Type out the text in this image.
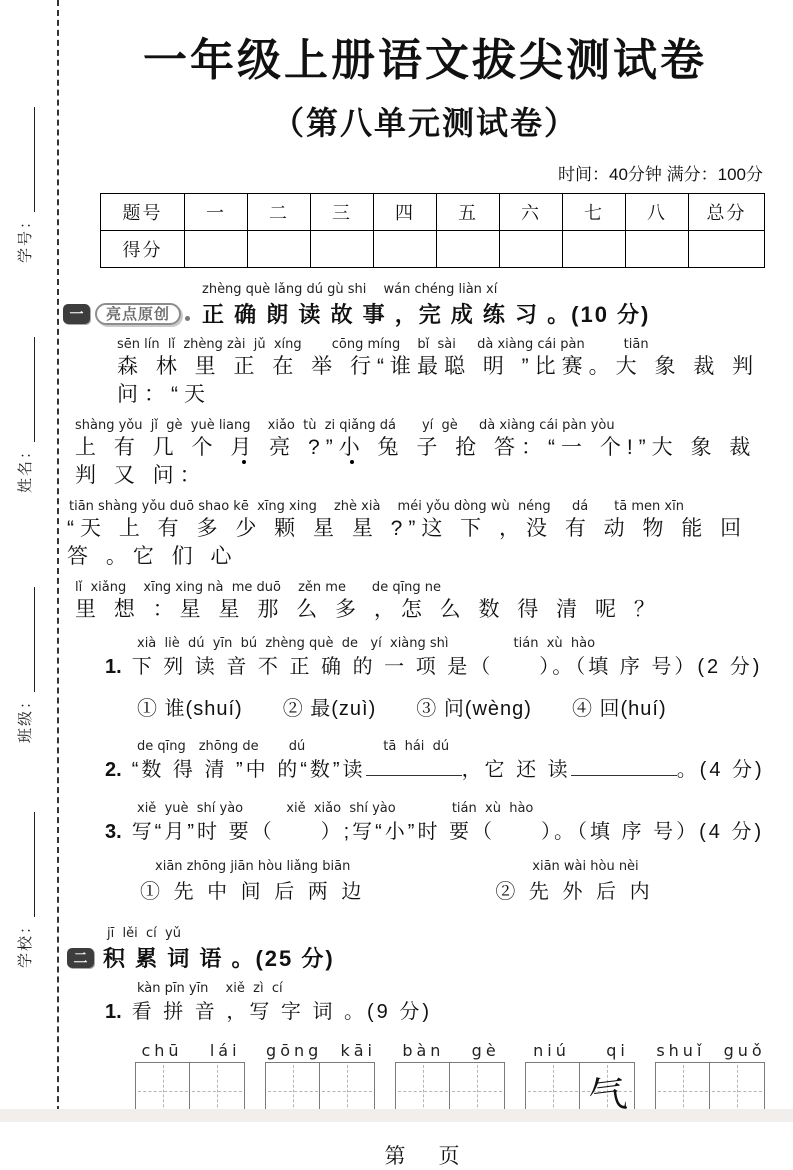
学号：
姓名：
班级：
学校：
一年级上册语文拔尖测试卷
（第八单元测试卷）
时间：40分钟 满分：100分
题号	一	二	三	四	五	六	七	八	总分
得分									
zhèng què lǎng dú gù shi　 wán chéng liàn xí
一	亮点原创	正 确 朗 读 故 事 ，完 成 练 习 。(10 分)
sēn lín  lǐ  zhèng zài  jǔ  xíng　　 cōng míng　 bǐ  sài　  dà xiàng cái pàn　　　tiān
森 林 里 正 在 举 行“谁最聪 明 ”比赛。大 象 裁 判 问：“天
shàng yǒu  jǐ  gè  yuè liang　 xiǎo  tù  zi qiǎng dá　　yí  gè　  dà xiàng cái pàn yòu
上 有 几 个 月 亮 ?”小 兔 子 抢 答：“一 个!”大 象 裁 判 又 问：
tiān shàng yǒu duō shao kē  xīng xing　 zhè xià　 méi yǒu dòng wù  néng　  dá　　tā men xīn
“天 上 有 多 少 颗 星 星 ?”这 下 ，没 有 动 物 能 回 答 。它 们 心
lǐ  xiǎng　 xīng xing nà  me duō　 zěn me　　de qīng ne
里 想 ：星 星 那 么 多 ，怎 么 数 得 清 呢 ？
xià  liè  dú  yīn  bú  zhèng què  de   yí  xiàng shì　　　　　tián  xù  hào
1. 下 列 读 音 不 正 确 的 一 项 是（　　）。（填 序 号）(2 分)
① 谁(shuí) ② 最(zuì) ③ 问(wèng) ④ 回(huí)
de qīng　zhōng de　　 dú　　　　　　tā  hái  dú
2. “数 得 清 ”中 的“数”读	，它 还 读	。(4 分)
xiě  yuè  shí yào　　　 xiě  xiǎo  shí yào　　　　 tián  xù  hào
3. 写“月”时 要（　　）;写“小”时 要（　　）。（填 序 号）(4 分)
xiān zhōng jiān hòu liǎng biān
① 先 中 间 后 两 边
xiān wài hòu nèi
② 先 外 后 内
jī  lěi  cí  yǔ
二 积 累 词 语 。(25 分)
kàn pīn yīn　 xiě  zì  cí
1. 看 拼 音 ，写 字 词 。(9 分)
chū   lái	gōng  kāi	bàn   gè	niú    qi
气
shuǐ  guǒ
第　页
